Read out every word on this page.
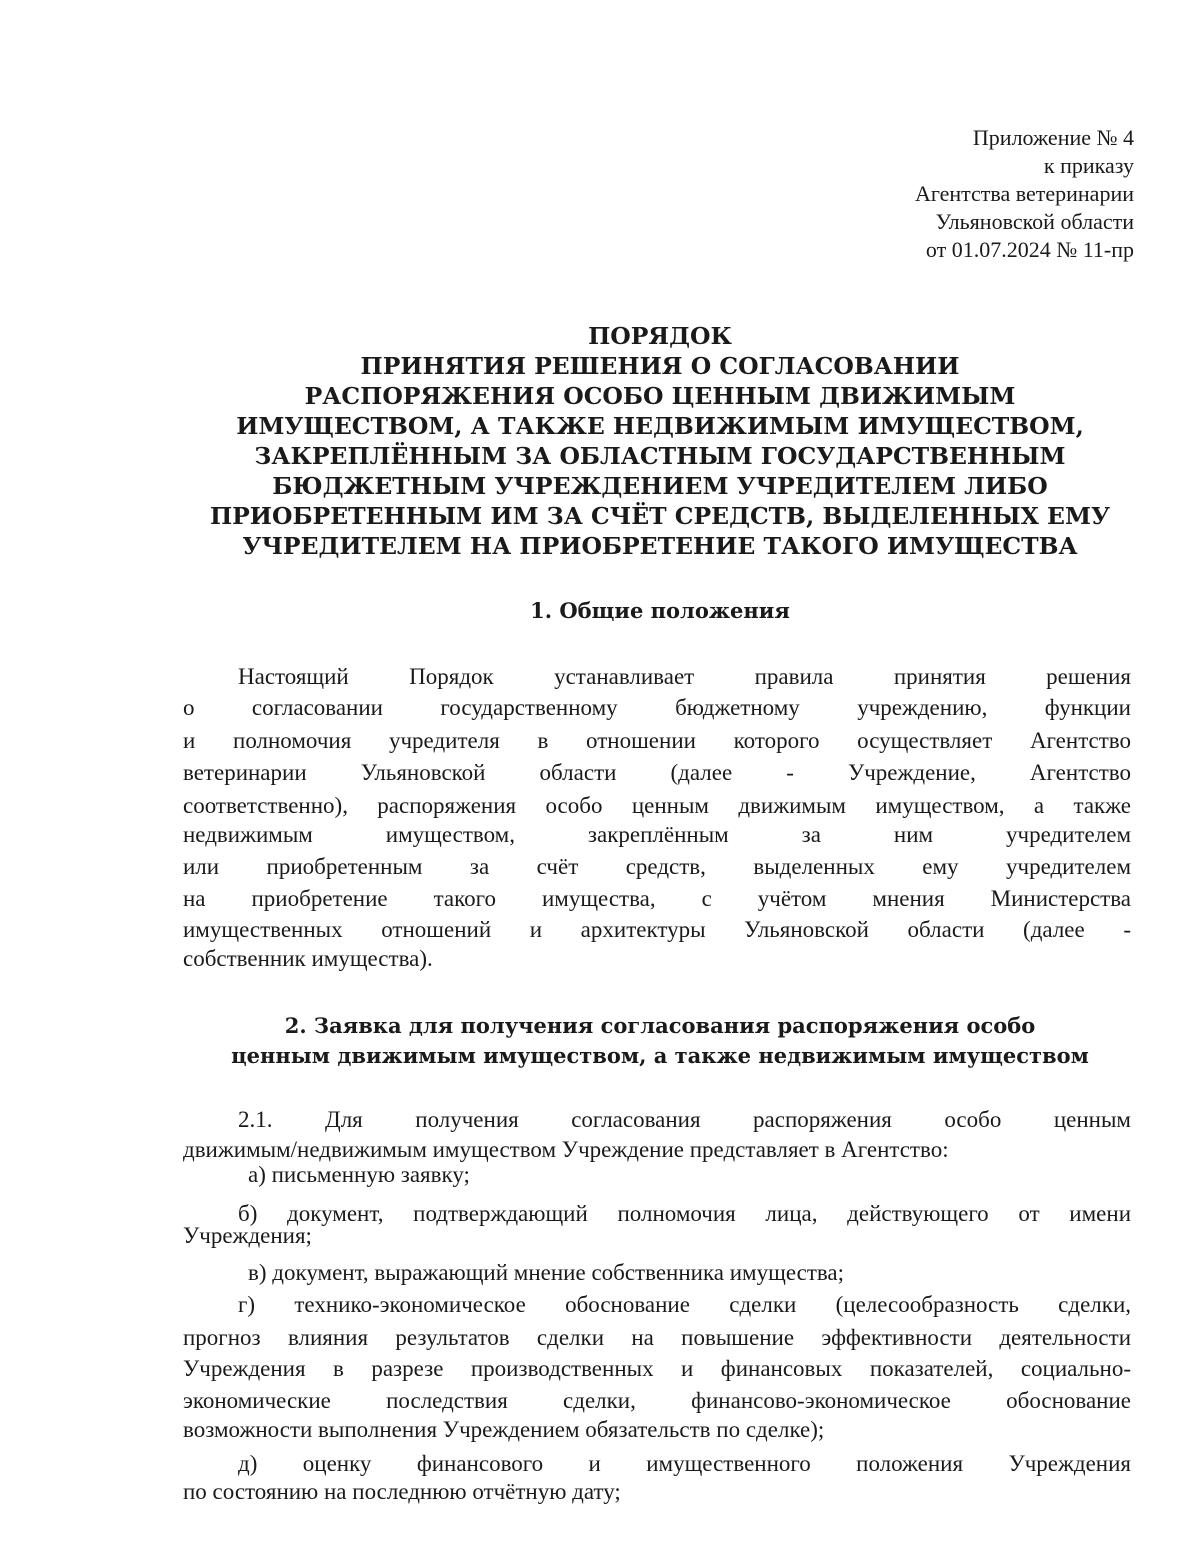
Приложение № 4
к приказу
Агентства ветеринарии
Ульяновской области
от 01.07.2024 № 11-пр
ПОРЯДОК
ПРИНЯТИЯ РЕШЕНИЯ О СОГЛАСОВАНИИ
РАСПОРЯЖЕНИЯ ОСОБО ЦЕННЫМ ДВИЖИМЫМ
ИМУЩЕСТВОМ, А ТАКЖЕ НЕДВИЖИМЫМ ИМУЩЕСТВОМ,
ЗАКРЕПЛЁННЫМ ЗА ОБЛАСТНЫМ ГОСУДАРСТВЕННЫМ
БЮДЖЕТНЫМ УЧРЕЖДЕНИЕМ УЧРЕДИТЕЛЕМ ЛИБО
ПРИОБРЕТЕННЫМ ИМ ЗА СЧЁТ СРЕДСТВ, ВЫДЕЛЕННЫХ ЕМУ
УЧРЕДИТЕЛЕМ НА ПРИОБРЕТЕНИЕ ТАКОГО ИМУЩЕСТВА
1. Общие положения
Настоящий Порядок устанавливает правила принятия решения
о согласовании государственному бюджетному учреждению, функции
и полномочия учредителя в отношении которого осуществляет Агентство
ветеринарии Ульяновской области (далее - Учреждение, Агентство
соответственно), распоряжения особо ценным движимым имуществом, а также
недвижимым имуществом, закреплённым за ним учредителем
или приобретенным за счёт средств, выделенных ему учредителем
на приобретение такого имущества, с учётом мнения Министерства
имущественных отношений и архитектуры Ульяновской области (далее -
собственник имущества).
2. Заявка для получения согласования распоряжения особо
ценным движимым имуществом, а также недвижимым имуществом
2.1. Для получения согласования распоряжения особо ценным
движимым/недвижимым имуществом Учреждение представляет в Агентство:
а) письменную заявку;
б) документ, подтверждающий полномочия лица, действующего от имени
Учреждения;
в) документ, выражающий мнение собственника имущества;
г) технико-экономическое обоснование сделки (целесообразность сделки,
прогноз влияния результатов сделки на повышение эффективности деятельности
Учреждения в разрезе производственных и финансовых показателей, социально-
экономические последствия сделки, финансово-экономическое обоснование
возможности выполнения Учреждением обязательств по сделке);
д) оценку финансового и имущественного положения Учреждения
по состоянию на последнюю отчётную дату;
